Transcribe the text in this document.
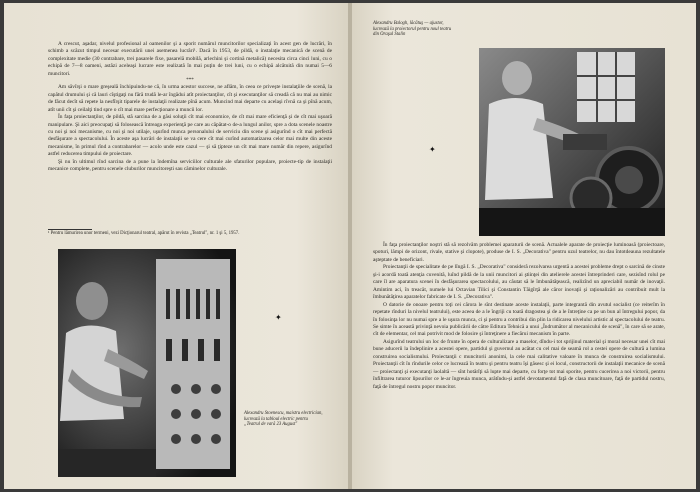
A crescut, aşadar, nivelul profesional al oamenilor şi a sporit numărul muncitorilor specializaţi în acest gen de lucrări, în schimb a scăzut timpul necesar executării unei asemenea lucrări¹. Dacă în 1953, de pildă, o instalaţie mecanică de scenă de complexitate medie (30 contrabare, trei pasarele fixe, pasarelă mobilă, arlechini şi cortină metalică) necesita circa cinci luni, cu o echipă de 7—8 oameni, astăzi aceleaşi lucrare este realizată în mai puţin de trei luni, cu o echipă alcătuită din numai 5—6 muncitori.

***

Am săvîrşi o mare greşeală închipuindu-ne că, în urma acestor succese, ne aflăm, în ceea ce priveşte instalaţiile de scenă, la capătul drumului şi că lauri cîştigaţi nu fără trudă le-ar îngădui atît proiectanţilor, cît şi executanţilor să creadă că nu mai au nimic de făcut decît să repete la nesfîrşit tiparele de instalaţii realizate pînă acum. Muncind mai departe cu acelaşi rîvnă ca şi pînă acum, atît unii cît şi ceilalţi tind spre o cît mai mare perfecţionare a muncii lor.

În faţa proiectanţilor, de pildă, stă sarcina de a găsi soluţii cît mai economice, de cît mai mare eficienţă şi de cît mai uşoară manipulare. Şi aici preocupaţi să folosească întreaga experienţă pe care au căpătat-o de-a lungul anilor, spre a dota scenele noastre cu noi şi noi mecanisme, cu noi şi noi utilaje, uşurînd munca personalului de serviciu din scene şi asigurînd o cît mai perfectă desfăşurare a spectacolului. În aceste aşa lucrări de instalaţii se va cere cît mai curînd automatizarea celor mai multe din aceste mecanisme, în primul rînd a contrabarelor — acolo unde este cazul — şi să ţipteze un cît mai mare număr din repere, asigurînd astfel reducerea timpului de proiectare.

Şi nu în ultimul rînd sarcina de a pune la îndemîna serviciilor culturale ale sfaturilor populare, proiecte-tip de instalaţii mecanice complete, pentru scenele cluburilor muncitoreşti sau căminelor culturale.

¹ Pentru lămurirea unor termeni, vezi Dicţionarul teatral, apărut în revista „Teatrul", nr. 1 şi 5, 1957.
Alexandru Stoenescu, maistru electrician, lucrează la tabloul electric pentru „Teatrul de vară 23 August"
✦
Alexandru Balogh, lăcătuş — ajustor, lucrează la proiectorul pentru noul teatru din Oraşul Stalin
✦

În faţa proiectanţilor noştri stă să rezolvăm problemei aparaturii de scenă. Actualele aparate de proiecţie luminoasă (proiectoare, spoturi, lămpi de orizont, rivale, stative şi clopote), produse de I. S. „Decorativa" pentru uzul teatrelor, nu dau întotdeauna rezultatele aşteptate de beneficiari.

Proiectanţii de specialitate de pe lîngă I. S. „Decorativa" consideră rezolvarea urgentă a acestei probleme drept o sarcină de cinste şi-i acordă toată atenţia cuvenită, luînd pildă de la unii muncitori ai ştiinţei din atelierele acestei întreprinderi care, sezisînd rolul pe care îl are aparatura scenei în desfăşurarea spectacolului, au căutat să le îmbunătăţească, realizînd un apreciabil număr de inovaţii. Amintim aci, în treacăt, numele lui Octavian Tilici şi Constantin Tăigîrţă ale căror inovaţii şi raţionalizări au contribuit mult la îmbunătăţirea aparatelor fabricate de I. S. „Decorativa".

O datorie de onoare pentru toţi cei cărora le sînt destinate aceste instalaţii, parte integrantă din avutul socialist (ce reiterîm în repetate rînduri la nivelul teatrului), este aceea de a le îngriji cu toată dragostea şi de a le întreţine ca pe un bun al întregului popor, da în folosinţa lor nu numai spre a le uşura munca, ci şi pentru a contribui din plin la ridicarea nivelului artistic al spectacolului de teatru. Se simte în această privinţă nevoia publicării de către Editura Tehnică a unui „Îndrumător al mecanicului de scenă", în care să se arate, cît de elementar, cel mai potrivit mod de folosire şi întreţinere a fiecărui mecanism în parte.

Asigurînd teatrului un loc de frunte în opera de culturalizare a maselor, dîndu-i tot sprijinul material şi moral necesar unei cît mai bune aducerii la îndeplinire a acestei opere, partidul şi guvernul au acătat cu cel mai de seamă rol a cestei opere de cultură a lumina construirea socialismului. Proiectanţii c muncitorii anonimi, la cele mai calitative valoare în munca de construirea socialismului. Proiectanţii cît în rîndurile celor ce lucrează în teatru şi pentru teatru îşi găsesc şi ei locul, constructorii de instalaţii mecanice de scenă — proiectanţi şi executanţi laolaltă — sînt hotărîţi să lupte mai departe, cu forţe tot mai sporite, pentru cucerirea a noi victorii, pentru înfiltrarea tuturor lipsurilor ce le-ar îngreuia munca, arătîndu-şi astfel devotamentul faţă de clasa muncitoare, faţă de partidul nostru, faţă de întregul nostru popor muncitor.
